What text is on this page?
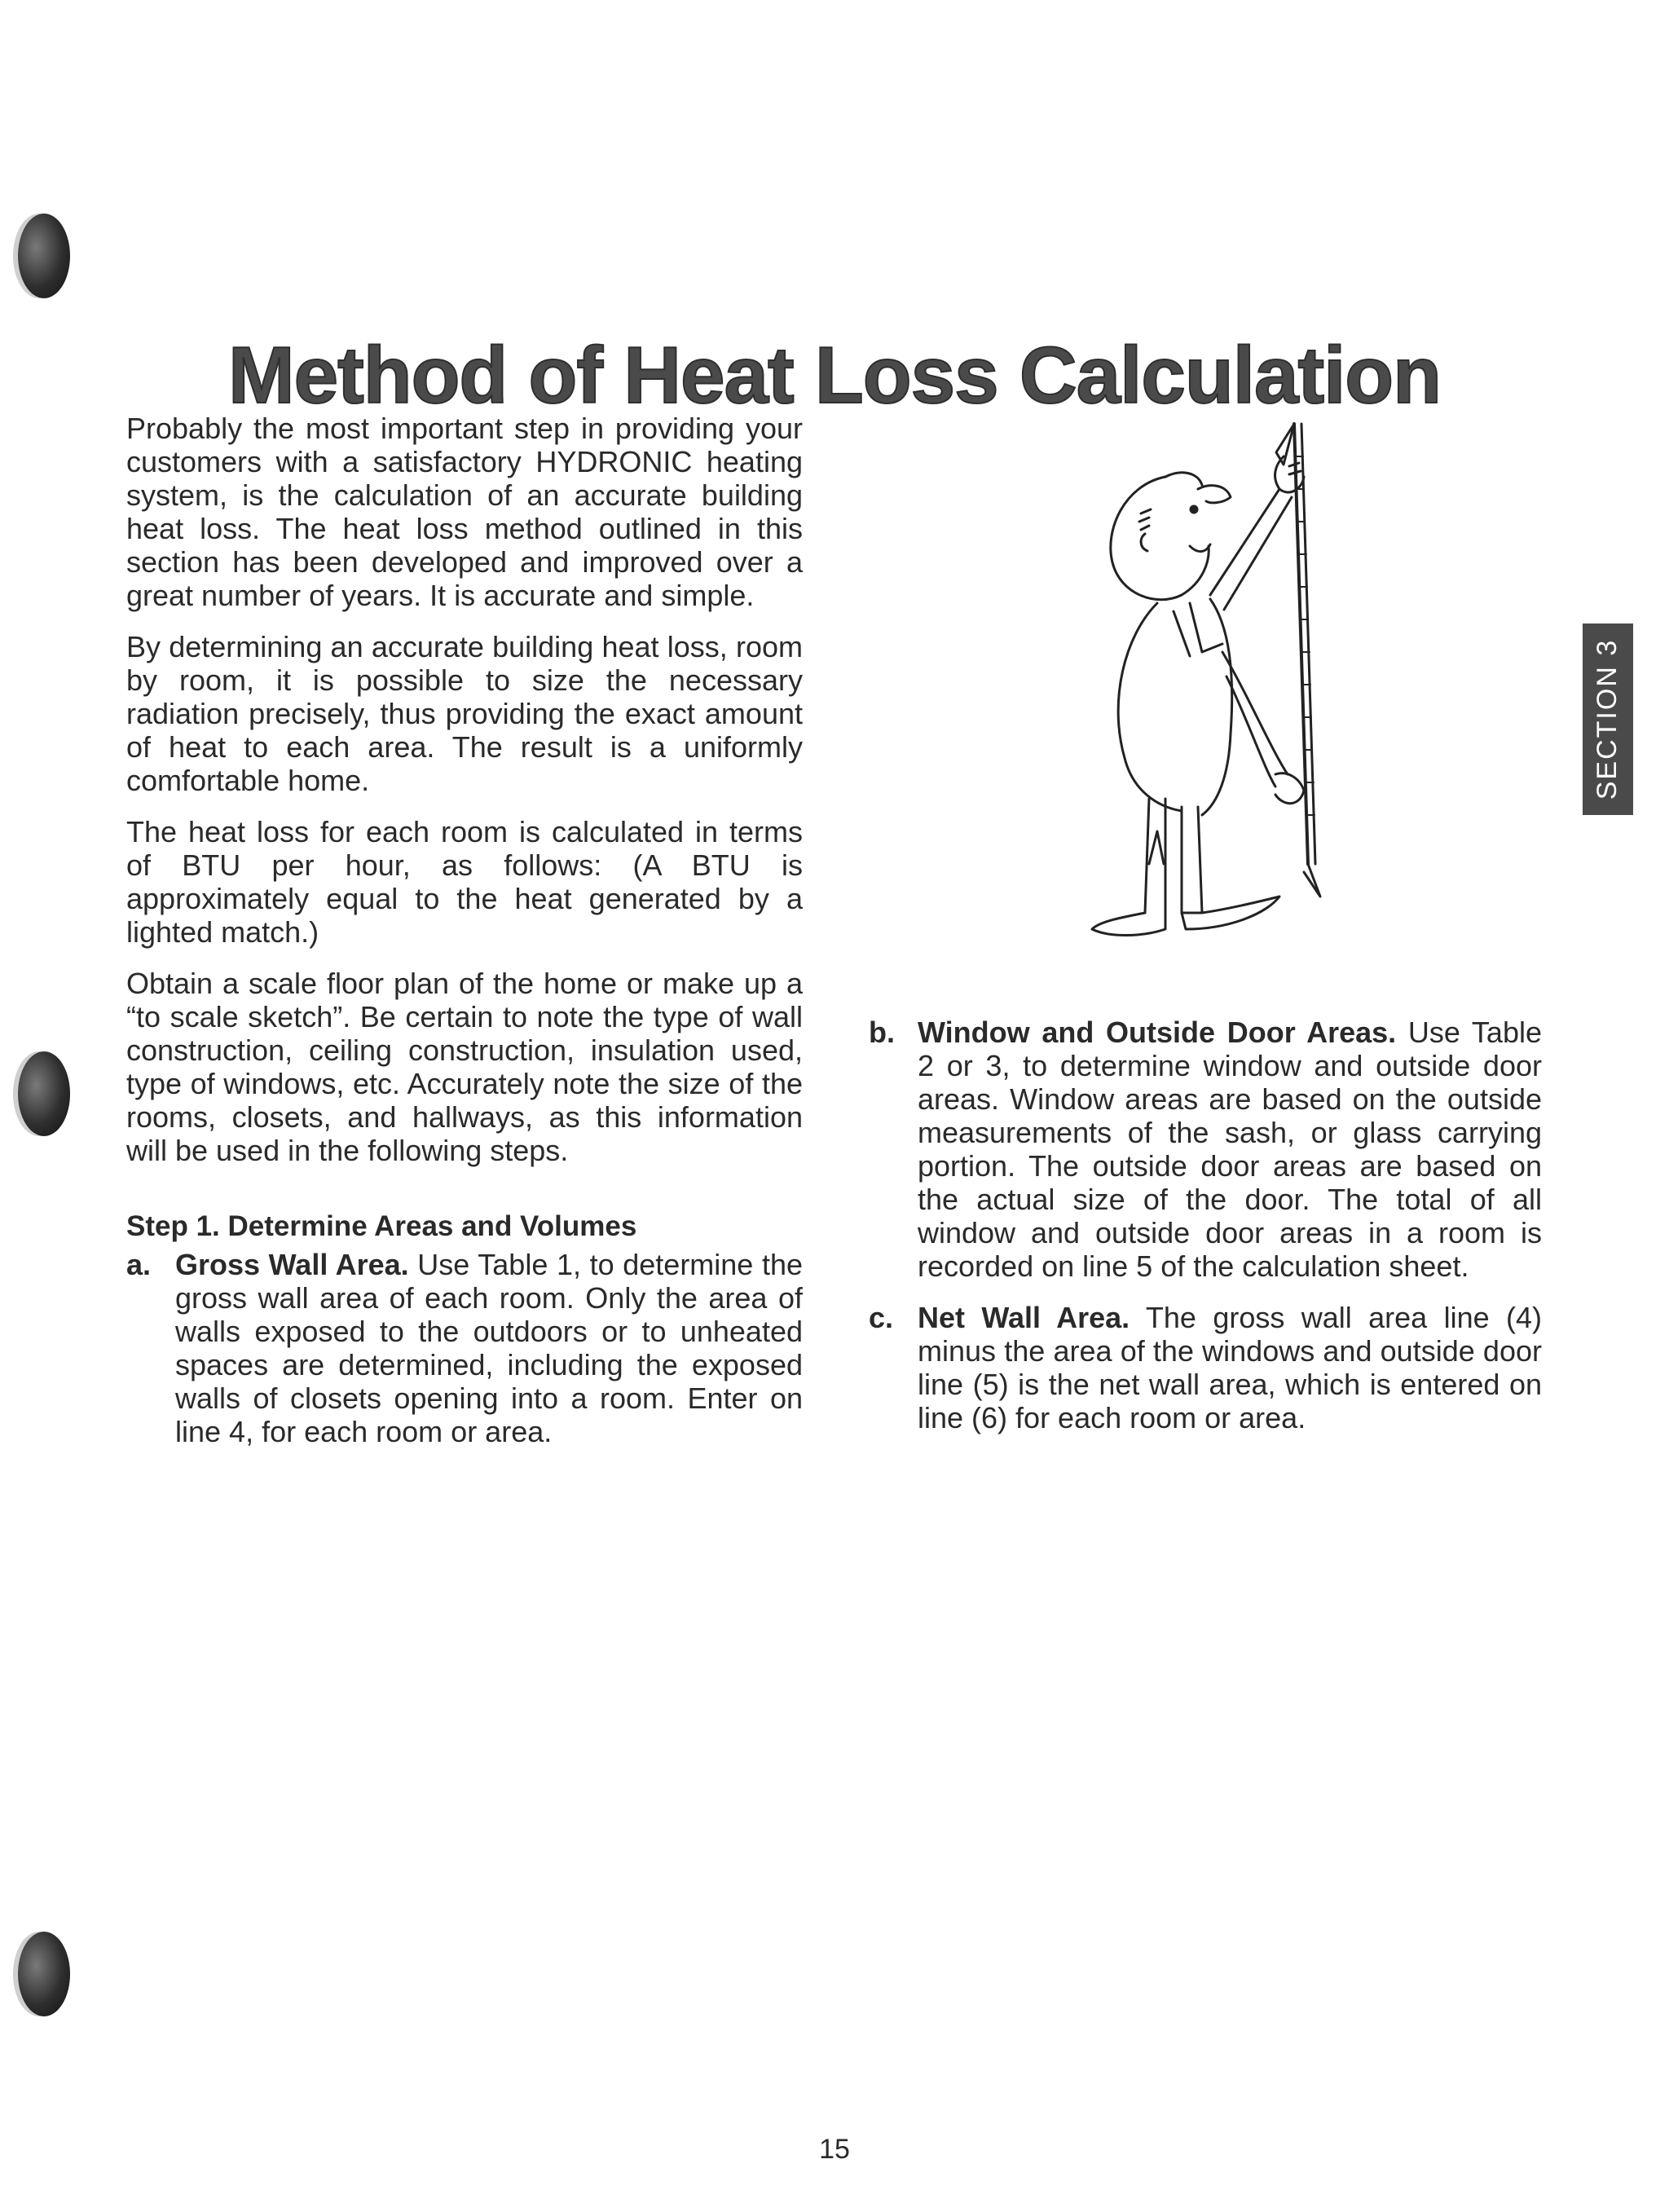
Method of Heat Loss Calculation

Probably the most important step in providing your customers with a satisfactory HYDRONIC heating system, is the calculation of an accurate building heat loss. The heat loss method outlined in this section has been developed and improved over a great number of years. It is accurate and simple.

By determining an accurate building heat loss, room by room, it is possible to size the necessary radiation precisely, thus providing the exact amount of heat to each area. The result is a uniformly comfortable home.

The heat loss for each room is calculated in terms of BTU per hour, as follows: (A BTU is approximately equal to the heat generated by a lighted match.)

Obtain a scale floor plan of the home or make up a “to scale sketch”. Be certain to note the type of wall construction, ceiling construction, insulation used, type of windows, etc. Accurately note the size of the rooms, closets, and hallways, as this information will be used in the following steps.

Step 1. Determine Areas and Volumes
a. Gross Wall Area. Use Table 1, to determine the gross wall area of each room. Only the area of walls exposed to the outdoors or to unheated spaces are determined, including the exposed walls of closets opening into a room. Enter on line 4, for each room or area.
SECTION 3
b. Window and Outside Door Areas. Use Table 2 or 3, to determine window and outside door areas. Window areas are based on the outside measurements of the sash, or glass carrying portion. The outside door areas are based on the actual size of the door. The total of all window and outside door areas in a room is recorded on line 5 of the calculation sheet.
c. Net Wall Area. The gross wall area line (4) minus the area of the windows and outside door line (5) is the net wall area, which is entered on line (6) for each room or area.
15
